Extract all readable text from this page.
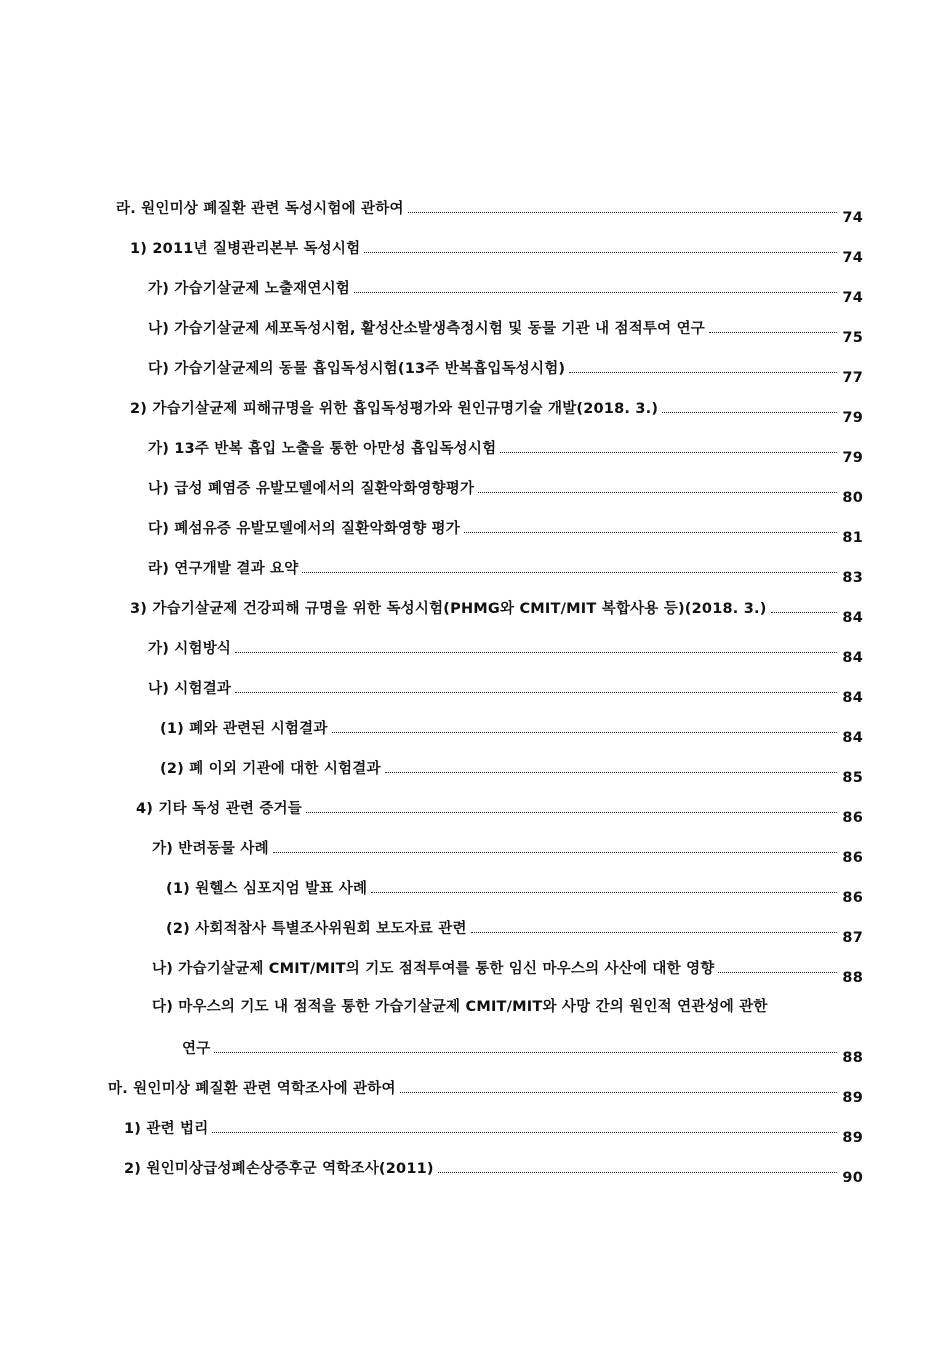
라. 원인미상 폐질환 관련 독성시험에 관하여
74
1) 2011년 질병관리본부 독성시험
74
가) 가습기살균제 노출재연시험
74
나) 가습기살균제 세포독성시험, 활성산소발생측정시험 및 동물 기관 내 점적투여 연구
75
다) 가습기살균제의 동물 흡입독성시험(13주 반복흡입독성시험)
77
2) 가습기살균제 피해규명을 위한 흡입독성평가와 원인규명기술 개발(2018. 3.)
79
가) 13주 반복 흡입 노출을 통한 아만성 흡입독성시험
79
나) 급성 폐염증 유발모델에서의 질환악화영향평가
80
다) 폐섬유증 유발모델에서의 질환악화영향 평가
81
라) 연구개발 결과 요약
83
3) 가습기살균제 건강피해 규명을 위한 독성시험(PHMG와 CMIT/MIT 복합사용 등)(2018. 3.)
84
가) 시험방식
84
나) 시험결과
84
(1) 폐와 관련된 시험결과
84
(2) 폐 이외 기관에 대한 시험결과
85
4) 기타 독성 관련 증거들
86
가) 반려동물 사례
86
(1) 원헬스 심포지엄 발표 사례
86
(2) 사회적참사 특별조사위원회 보도자료 관련
87
나) 가습기살균제 CMIT/MIT의 기도 점적투여를 통한 임신 마우스의 사산에 대한 영향
88
다) 마우스의 기도 내 점적을 통한 가습기살균제 CMIT/MIT와 사망 간의 원인적 연관성에 관한
연구
88
마. 원인미상 폐질환 관련 역학조사에 관하여
89
1) 관련 법리
89
2) 원인미상급성폐손상증후군 역학조사(2011)
90
